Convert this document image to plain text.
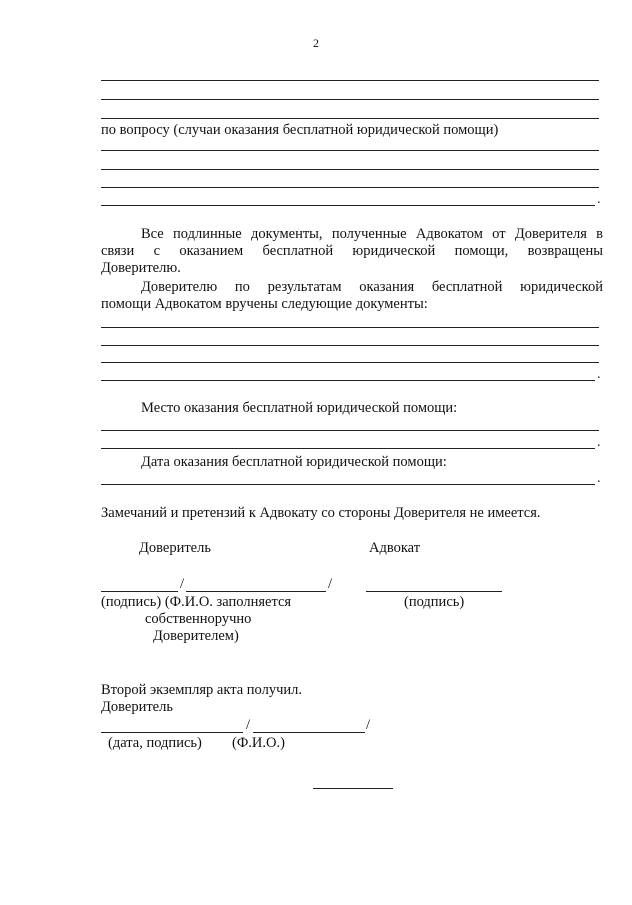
2
по вопросу (случаи оказания бесплатной юридической помощи)
.
Все подлинные документы, полученные Адвокатом от Доверителя в
связи с оказанием бесплатной юридической помощи, возвращены
Доверителю.
Доверителю по результатам оказания бесплатной юридической
помощи Адвокатом вручены следующие документы:
.
Место оказания бесплатной юридической помощи:
.
Дата оказания бесплатной юридической помощи:
.
Замечаний и претензий к Адвокату со стороны Доверителя не имеется.
Доверитель	Адвокат
/	/
(подпись) (Ф.И.О. заполняется
собственноручно
Доверителем)
(подпись)
Второй экземпляр акта получил.
Доверитель
/	/
(дата, подпись) (Ф.И.О.)
